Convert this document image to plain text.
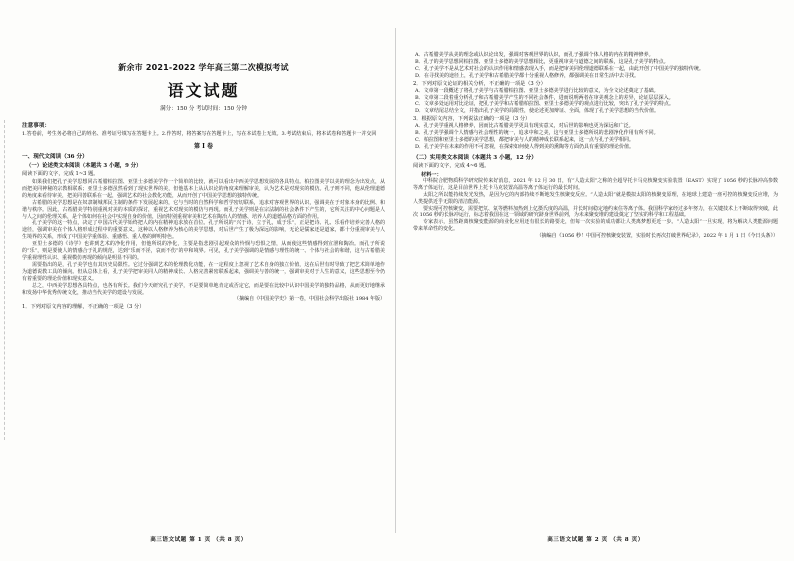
新余市 2021-2022 学年高三第二次模拟考试
语文试题
满分：150 分 考试时间：150 分钟
注意事项：

1.答卷前，考生务必将自己的姓名、准考证号填写在答题卡上。2.作答时，将答案写在答题卡上，写在本试卷上无效。3.考试结束后，将本试卷和答题卡一并交回

第 I 卷
一、现代文阅读（36 分）
（一）论述类文本阅读（本题共 3 小题，9 分）
阅读下面的文字，完成 1~3 题。

如果我们把孔子美学思想同古希腊柏拉图、亚里士多德美学作一个简单的比较，就可以看出中西美学思想发展的各具特点。柏拉图美学以美的理念为出发点，从而把美同神秘的宗教相联系；亚里士多德虽然看到了现实世界的美，但他基本上从认识论的角度来理解审美，认为艺术是对现实的模仿。孔子则不同，他从伦理道德的角度来看待审美，把美同善联系在一起，强调艺术的社会教化功能，从而开创了中国美学思想的独特传统。

古希腊的美学思想是在奴隶制城邦民主制的条件下发展起来的，它与当时的自然科学和哲学密切联系，追求对客观世界的认识，强调美在于对象本身的比例、和谐与秩序。因此，古希腊美学特别重视对美的本质的探讨，重视艺术对现实的模仿与再现。而孔子美学则是在宗法制的社会条件下产生的，它所关注的中心问题是人与人之间的伦理关系，是个体如何在社会中实现自身的价值，因而特别重视审美和艺术在陶冶人的情感、培养人的道德品格方面的作用。

孔子美学的这一特点，决定了中国古代美学始终把人的内在精神追求放在首位。孔子所说的“兴于诗，立于礼，成于乐”，正是把诗、礼、乐看作培养完善人格的途径，强调审美在个体人格形成过程中的重要意义。这种以人格修养为核心的美学思想，对后世产生了极为深远的影响，无论是儒家还是道家，都十分重视审美与人生境界的关系，形成了中国美学重体验、重感悟、重人格的鲜明特色。

亚里士多德的《诗学》也讲到艺术的净化作用，但他所说的净化，主要是指悲剧引起观众的怜悯与恐惧之情，从而使这些情感得到宣泄和陶冶。而孔子所说的“乐”，则是要使人的情感合于礼的规范，达到“乐而不淫，哀而不伤”的中和境界。可见，孔子美学强调的是情感与理性的统一、个体与社会的和谐，这与古希腊美学重视理性认识、重视模仿再现的倾向是明显不同的。

需要指出的是，孔子美学也有其历史局限性。它过分强调艺术的伦理教化功能，在一定程度上忽视了艺术自身的独立价值，这在后世有时导致了把艺术简单地作为道德说教工具的倾向。但从总体上看，孔子美学把审美同人的精神成长、人格完善紧密联系起来，强调美与善的统一，强调审美对于人生的意义，这些思想至今仍有着重要的理论价值和现实意义。

总之，中西美学思想各具特点，也各有所长。我们今天研究孔子美学，不是要简单地肯定或否定它，而是要在比较中认识中国美学的独特品格，从而更好地继承和发扬中华优秀传统文化，推动当代美学的建设与发展。

（摘编自《中国美学史》第一卷，中国社会科学出版社 1984 年版）

1．下列对原文内容的理解，不正确的一项是（3 分）

高三语文试题 第 1 页 （共 8 页）

A．古希腊美学从美的理念或认识论出发，强调对客观世界的认识，而孔子强调个体人格的内在的精神修养。

B．孔子的美学思想同柏拉图、亚里士多德的美学思想相比，更重视审美与道德之间的联系，这是孔子美学的特点。

C．孔子美学不是从艺术对社会的认识作用和情感表现入手，而是把审美同伦理道德联系在一起，由此开创了中国美学的独特传统。

D．在寻找美的途径上，孔子美学和古希腊美学都十分重视人格修养，都强调美在日常生活中去寻找。

2．下列对原文论证的相关分析，不正确的一项是（3 分）

A．文章第一段概述了将孔子美学与古希腊柏拉图、亚里士多德美学进行比较的意义，为全文论述奠定了基础。

B．文章第二段着重分析孔子和古希腊美学产生的不同社会条件，进而说明两者在审美观念上的差异，论证层层深入。

C．文章多处运用对比论证，把孔子美学和古希腊柏拉图、亚里士多德美学的观点进行比较，突出了孔子美学的特点。

D．文章结尾总结全文，并指出孔子美学的局限性，使论述更加辩证、全面，体现了孔子美学思想的当代价值。

3．根据原文内容，下列说法正确的一项是（3 分）

A．孔子美学重视人格修养，因而比古希腊美学更具有现实意义，对后世的影响也更为深远和广泛。

B．孔子美学强调个人情感与社会理性的统一，追求中和之美，这与亚里士多德所说的悲剧净化作用有所不同。

C．柏拉图和亚里士多德的美学思想，都把审美与人的精神成长联系起来，这一点与孔子美学相同。

D．孔子美学在未来的作用不可忽视，在探索如何使人得到美的熏陶等方面仍具有重要的理论价值。

（二）实用类文本阅读（本题共 3 小题，12 分）
阅读下面的文字，完成 4~6 题。
材料一：

中科院合肥物质科学研究院传来好消息，2021 年 12 月 30 日，有“人造太阳”之称的全超导托卡马克核聚变实验装置（EAST）实现了 1056 秒的长脉冲高参数等离子体运行，这是目前世界上托卡马克装置高温等离子体运行的最长时间。

太阳之所以能持续发光发热，是因为它的内部持续不断地发生核聚变反应。“人造太阳”就是模拟太阳的核聚变原理，在地球上建造一座可控的核聚变反应堆，为人类提供近乎无限的清洁能源。

要实现可控核聚变，需要把氘、氚等燃料加热到上亿摄氏度的高温，并长时间稳定地约束住等离子体。我国科学家经过多年努力，在关键技术上不断取得突破，此次 1056 秒的长脉冲运行，标志着我国在这一领域的研究跻身世界前列，为未来聚变堆的建设奠定了坚实的科学和工程基础。

专家表示，虽然距离核聚变能源的商业化应用还有很长的路要走，但每一次实验的成功都让人类离梦想更近一步。“人造太阳”一旦实现，将为解决人类能源问题带来革命性的变化。

（摘编自《1056 秒！中国可控核聚变装置，实验时长再次打破世界纪录》，2022 年 1 月 1 日《今日头条》）

高三语文试题 第 2 页 （共 8 页）
